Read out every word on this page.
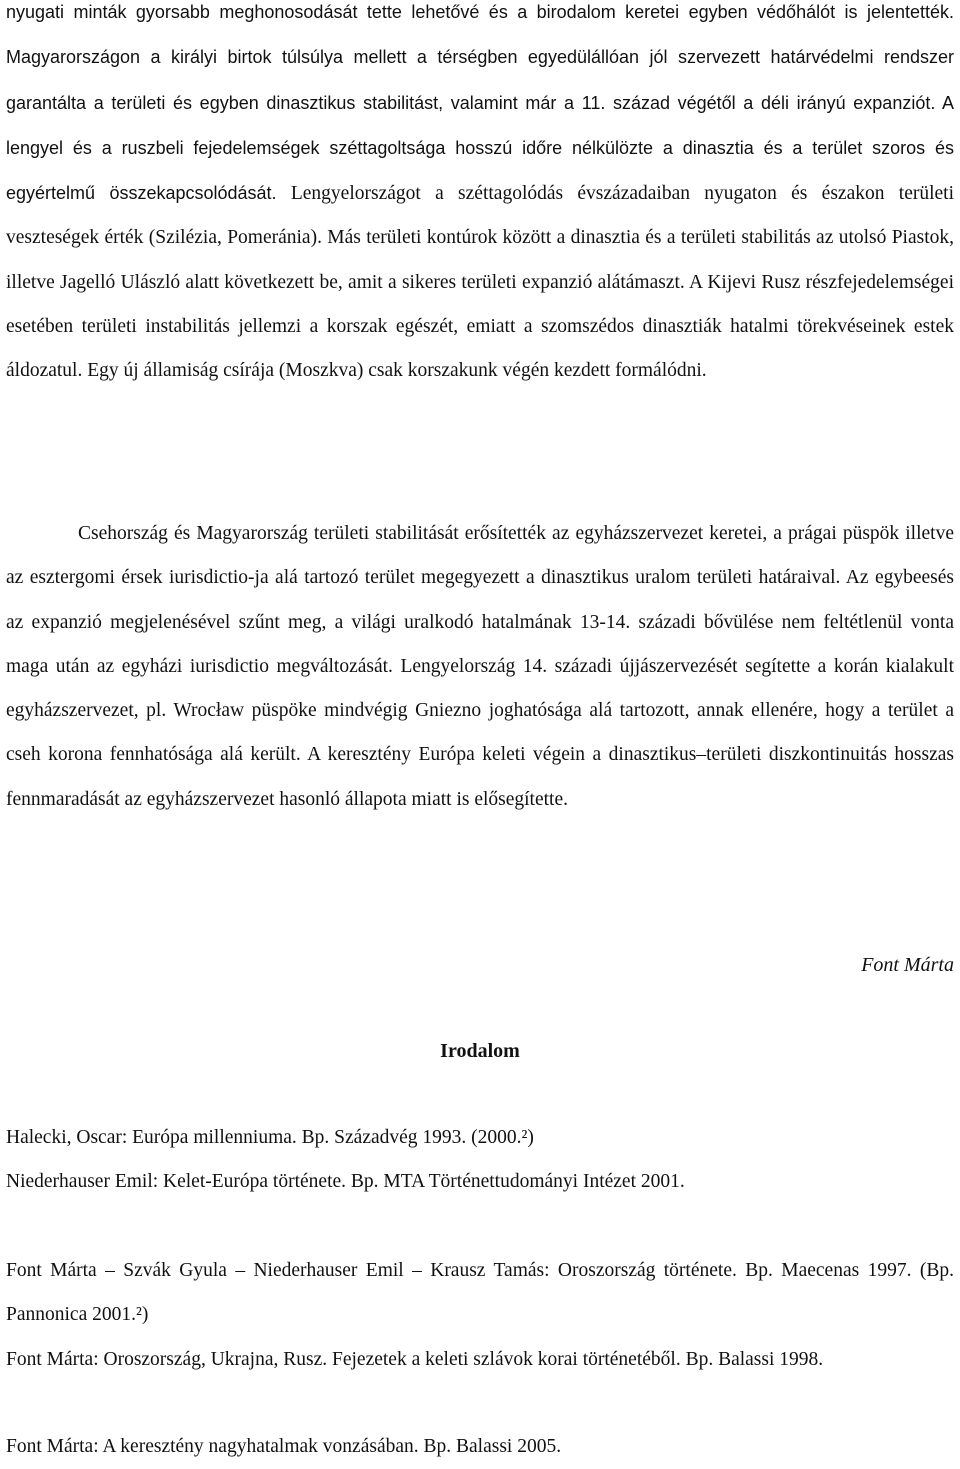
nyugati minták gyorsabb meghonosodását tette lehetővé és a birodalom keretei egyben védőhálót is jelentették. Magyarországon a királyi birtok túlsúlya mellett a térségben egyedülállóan jól szervezett határvédelmi rendszer garantálta a területi és egyben dinasztikus stabilitást, valamint már a 11. század végétől a déli irányú expanziót. A lengyel és a ruszbeli fejedelemségek széttagoltsága hosszú időre nélkülözte a dinasztia és a terület szoros és egyértelmű összekapcsolódását. Lengyelországot a széttagolódás évszázadaiban nyugaton és északon területi veszteségek érték (Szilézia, Pomeránia). Más területi kontúrok között a dinasztia és a területi stabilitás az utolsó Piastok, illetve Jagelló Ulászló alatt következett be, amit a sikeres területi expanzió alátámaszt. A Kijevi Rusz részfejedelemségei esetében területi instabilitás jellemzi a korszak egészét, emiatt a szomszédos dinasztiák hatalmi törekvéseinek estek áldozatul. Egy új államiság csírája (Moszkva) csak korszakunk végén kezdett formálódni.

Csehország és Magyarország területi stabilitását erősítették az egyházszervezet keretei, a prágai püspök illetve az esztergomi érsek iurisdictio-ja alá tartozó terület megegyezett a dinasztikus uralom területi határaival. Az egybeesés az expanzió megjelenésével szűnt meg, a világi uralkodó hatalmának 13-14. századi bővülése nem feltétlenül vonta maga után az egyházi iurisdictio megváltozását. Lengyelország 14. századi újjászervezését segítette a korán kialakult egyházszervezet, pl. Wrocław püspöke mindvégig Gniezno joghatósága alá tartozott, annak ellenére, hogy a terület a cseh korona fennhatósága alá került. A keresztény Európa keleti végein a dinasztikus–területi diszkontinuitás hosszas fennmaradását az egyházszervezet hasonló állapota miatt is elősegítette.

Font Márta
Irodalom

Halecki, Oscar: Európa millenniuma. Bp. Századvég 1993. (2000.²)

Niederhauser Emil: Kelet-Európa története. Bp. MTA Történettudományi Intézet 2001.

Font Márta – Szvák Gyula – Niederhauser Emil – Krausz Tamás: Oroszország története. Bp. Maecenas 1997. (Bp. Pannonica 2001.²)

Font Márta: Oroszország, Ukrajna, Rusz. Fejezetek a keleti szlávok korai történetéből. Bp. Balassi 1998.

Font Márta: A keresztény nagyhatalmak vonzásában. Bp. Balassi 2005.
